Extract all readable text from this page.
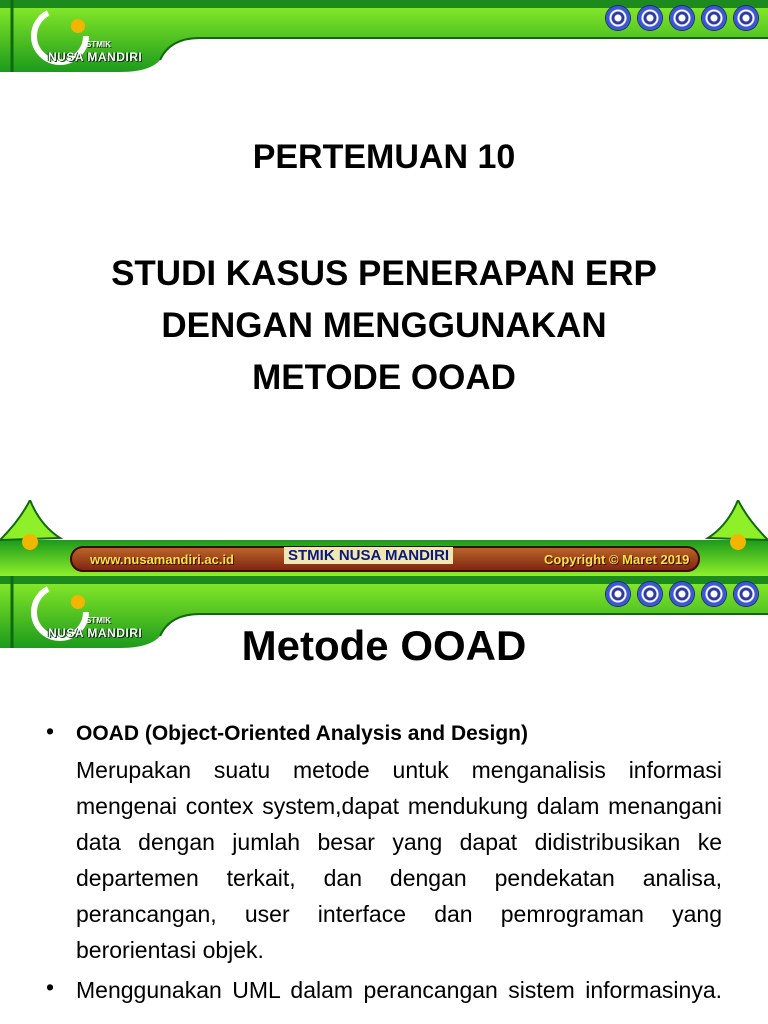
STMIK
NUSA MANDIRI
PERTEMUAN 10
STUDI KASUS PENERAPAN ERP
DENGAN MENGGUNAKAN
METODE OOAD
www.nusamandiri.ac.id	STMIK NUSA MANDIRI	Copyright © Maret 2019
STMIK
NUSA MANDIRI	Metode OOAD
•	OOAD (Object-Oriented Analysis and Design)
Merupakan suatu metode untuk menganalisis informasi mengenai contex system,dapat mendukung dalam menangani data dengan jumlah besar yang dapat didistribusikan ke departemen terkait, dan dengan pendekatan analisa, perancangan, user interface dan pemrograman yang berorientasi objek.
• Menggunakan UML dalam perancangan sistem informasinya.
